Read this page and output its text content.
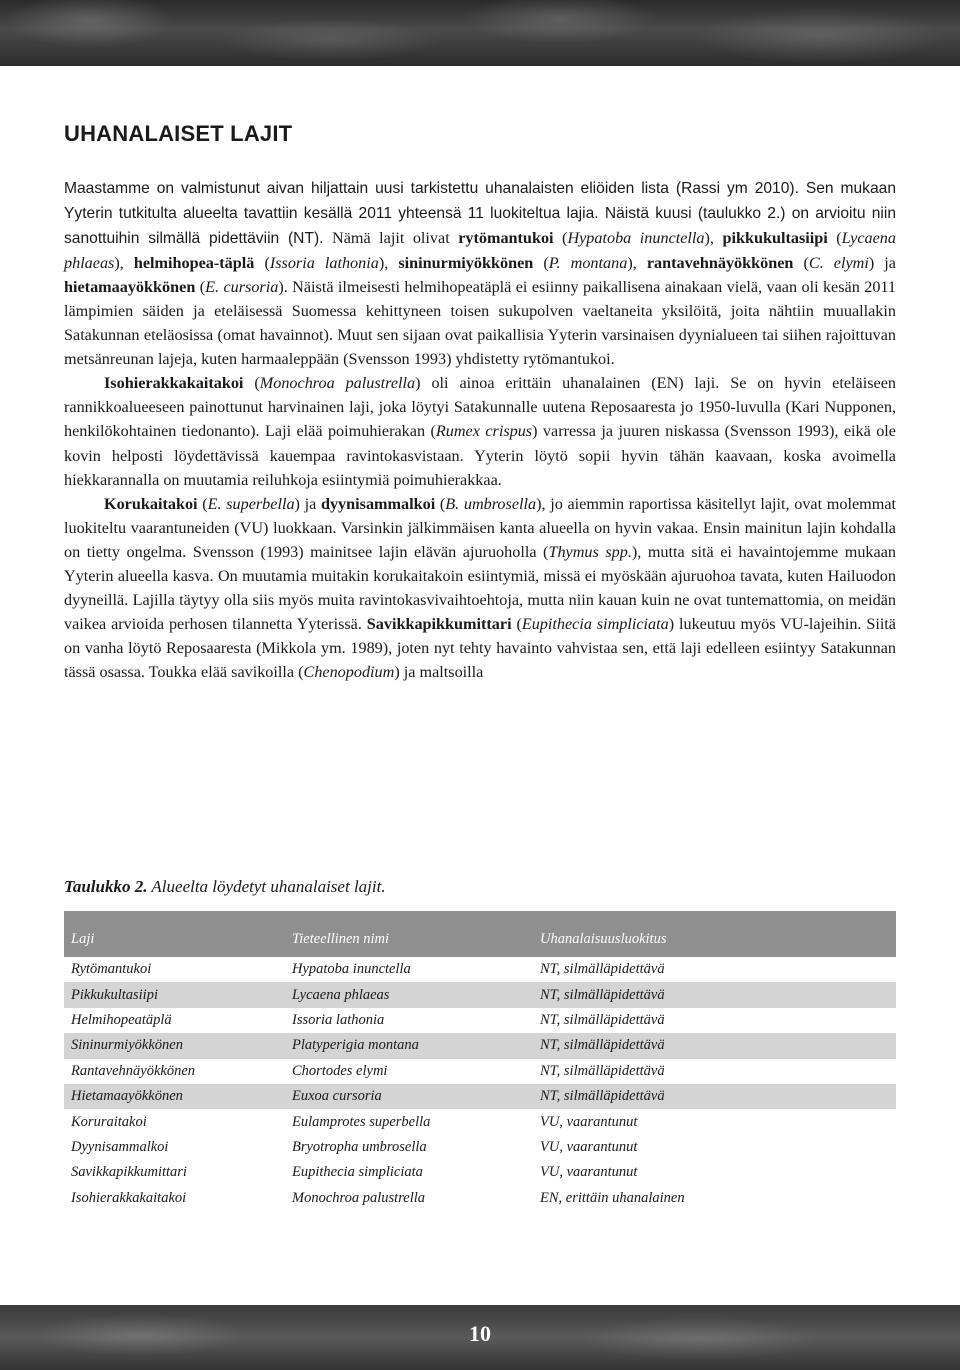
UHANALAISET LAJIT

Maastamme on valmistunut aivan hiljattain uusi tarkistettu uhanalaisten eliöiden lista (Rassi ym 2010). Sen mukaan Yyterin tutkitulta alueelta tavattiin kesällä 2011 yhteensä 11 luokiteltua lajia. Näistä kuusi (taulukko 2.) on arvioitu niin sanottuihin silmällä pidettäviin (NT). Nämä lajit olivat rytömantukoi (Hypatoba inunctella), pikkukultasiipi (Lycaena phlaeas), helmihopea-täplä (Issoria lathonia), sininurmiyökkönen (P. montana), rantavehnäyökkönen (C. elymi) ja hietamaayökkönen (E. cursoria). Näistä ilmeisesti helmihopeatäplä ei esiinny paikallisena ainakaan vielä, vaan oli kesän 2011 lämpimien säiden ja eteläisessä Suomessa kehittyneen toisen sukupolven vaeltaneita yksilöitä, joita nähtiin muuallakin Satakunnan eteläosissa (omat havainnot). Muut sen sijaan ovat paikallisia Yyterin varsinaisen dyynialueen tai siihen rajoittuvan metsänreunan lajeja, kuten harmaaleppään (Svensson 1993) yhdistetty rytömantukoi.

Isohierakkakaitakoi (Monochroa palustrella) oli ainoa erittäin uhanalainen (EN) laji. Se on hyvin eteläiseen rannikkoalueeseen painottunut harvinainen laji, joka löytyi Satakunnalle uutena Reposaaresta jo 1950-luvulla (Kari Nupponen, henkilökohtainen tiedonanto). Laji elää poimuhierakan (Rumex crispus) varressa ja juuren niskassa (Svensson 1993), eikä ole kovin helposti löydettävissä kauempaa ravintokasvistaan. Yyterin löytö sopii hyvin tähän kaavaan, koska avoimella hiekkarannalla on muutamia reiluhkoja esiintymiä poimuhierakkaa.

Korukaitakoi (E. superbella) ja dyynisammalkoi (B. umbrosella), jo aiemmin raportissa käsitellyt lajit, ovat molemmat luokiteltu vaarantuneiden (VU) luokkaan. Varsinkin jälkimmäisen kanta alueella on hyvin vakaa. Ensin mainitun lajin kohdalla on tietty ongelma. Svensson (1993) mainitsee lajin elävän ajuruoholla (Thymus spp.), mutta sitä ei havaintojemme mukaan Yyterin alueella kasva. On muutamia muitakin korukaitakoin esiintymiä, missä ei myöskään ajuruohoa tavata, kuten Hailuodon dyyneillä. Lajilla täytyy olla siis myös muita ravintokasvivaihtoehtoja, mutta niin kauan kuin ne ovat tuntemattomia, on meidän vaikea arvioida perhosen tilannetta Yyterissä. Savikkapikkumittari (Eupithecia simpliciata) lukeutuu myös VU-lajeihin. Siitä on vanha löytö Reposaaresta (Mikkola ym. 1989), joten nyt tehty havainto vahvistaa sen, että laji edelleen esiintyy Satakunnan tässä osassa. Toukka elää savikoilla (Chenopodium) ja maltsoilla

Taulukko 2. Alueelta löydetyt uhanalaiset lajit.
Laji	Tieteellinen nimi	Uhanalaisuusluokitus
Rytömantukoi	Hypatoba inunctella	NT, silmälläpidettävä
Pikkukultasiipi	Lycaena phlaeas	NT, silmälläpidettävä
Helmihopeatäplä	Issoria lathonia	NT, silmälläpidettävä
Sininurmiyökkönen	Platyperigia montana	NT, silmälläpidettävä
Rantavehnäyökkönen	Chortodes elymi	NT, silmälläpidettävä
Hietamaayökkönen	Euxoa cursoria	NT, silmälläpidettävä
Koruraitakoi	Eulamprotes superbella	VU, vaarantunut
Dyynisammalkoi	Bryotropha umbrosella	VU, vaarantunut
Savikkapikkumittari	Eupithecia simpliciata	VU, vaarantunut
Isohierakkakaitakoi	Monochroa palustrella	EN, erittäin uhanalainen
10
